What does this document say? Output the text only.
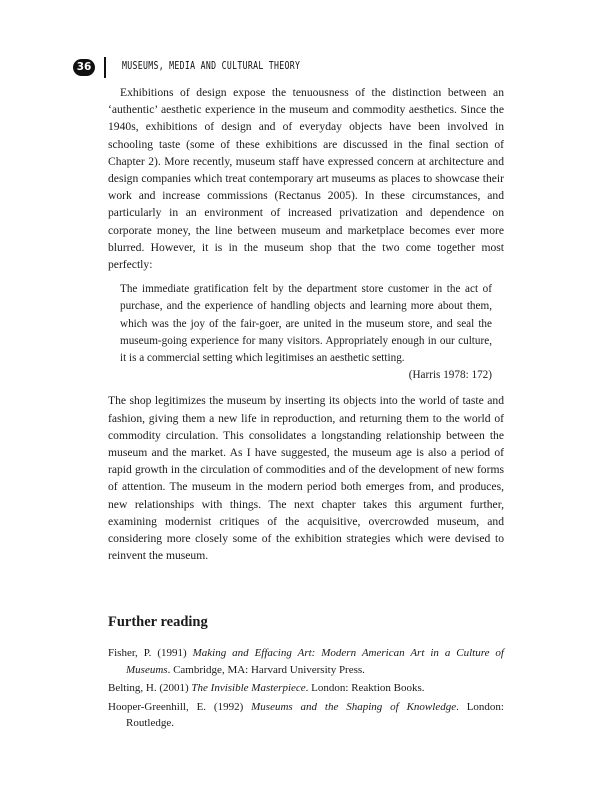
36	MUSEUMS, MEDIA AND CULTURAL THEORY

Exhibitions of design expose the tenuousness of the distinction between an ‘authentic’ aesthetic experience in the museum and commodity aesthetics. Since the 1940s, exhibitions of design and of everyday objects have been involved in schooling taste (some of these exhibitions are discussed in the final section of Chapter 2). More recently, museum staff have expressed concern at architecture and design companies which treat contemporary art museums as places to showcase their work and increase commissions (Rectanus 2005). In these circumstances, and particularly in an environment of increased privatization and dependence on corporate money, the line between museum and marketplace becomes ever more blurred. However, it is in the museum shop that the two come together most perfectly:

The immediate gratification felt by the department store customer in the act of purchase, and the experience of handling objects and learning more about them, which was the joy of the fair-goer, are united in the museum store, and seal the museum-going experience for many visitors. Appropriately enough in our culture, it is a commercial setting which legitimises an aesthetic setting.

(Harris 1978: 172)

The shop legitimizes the museum by inserting its objects into the world of taste and fashion, giving them a new life in reproduction, and returning them to the world of commodity circulation. This consolidates a longstanding relationship between the museum and the market. As I have suggested, the museum age is also a period of rapid growth in the circulation of commodities and of the development of new forms of attention. The museum in the modern period both emerges from, and produces, new relationships with things. The next chapter takes this argument further, examining modernist critiques of the acquisitive, overcrowded museum, and considering more closely some of the exhibition strategies which were devised to reinvent the museum.

Further reading

Fisher, P. (1991) Making and Effacing Art: Modern American Art in a Culture of Museums. Cambridge, MA: Harvard University Press.

Belting, H. (2001) The Invisible Masterpiece. London: Reaktion Books.

Hooper-Greenhill, E. (1992) Museums and the Shaping of Knowledge. London: Routledge.
